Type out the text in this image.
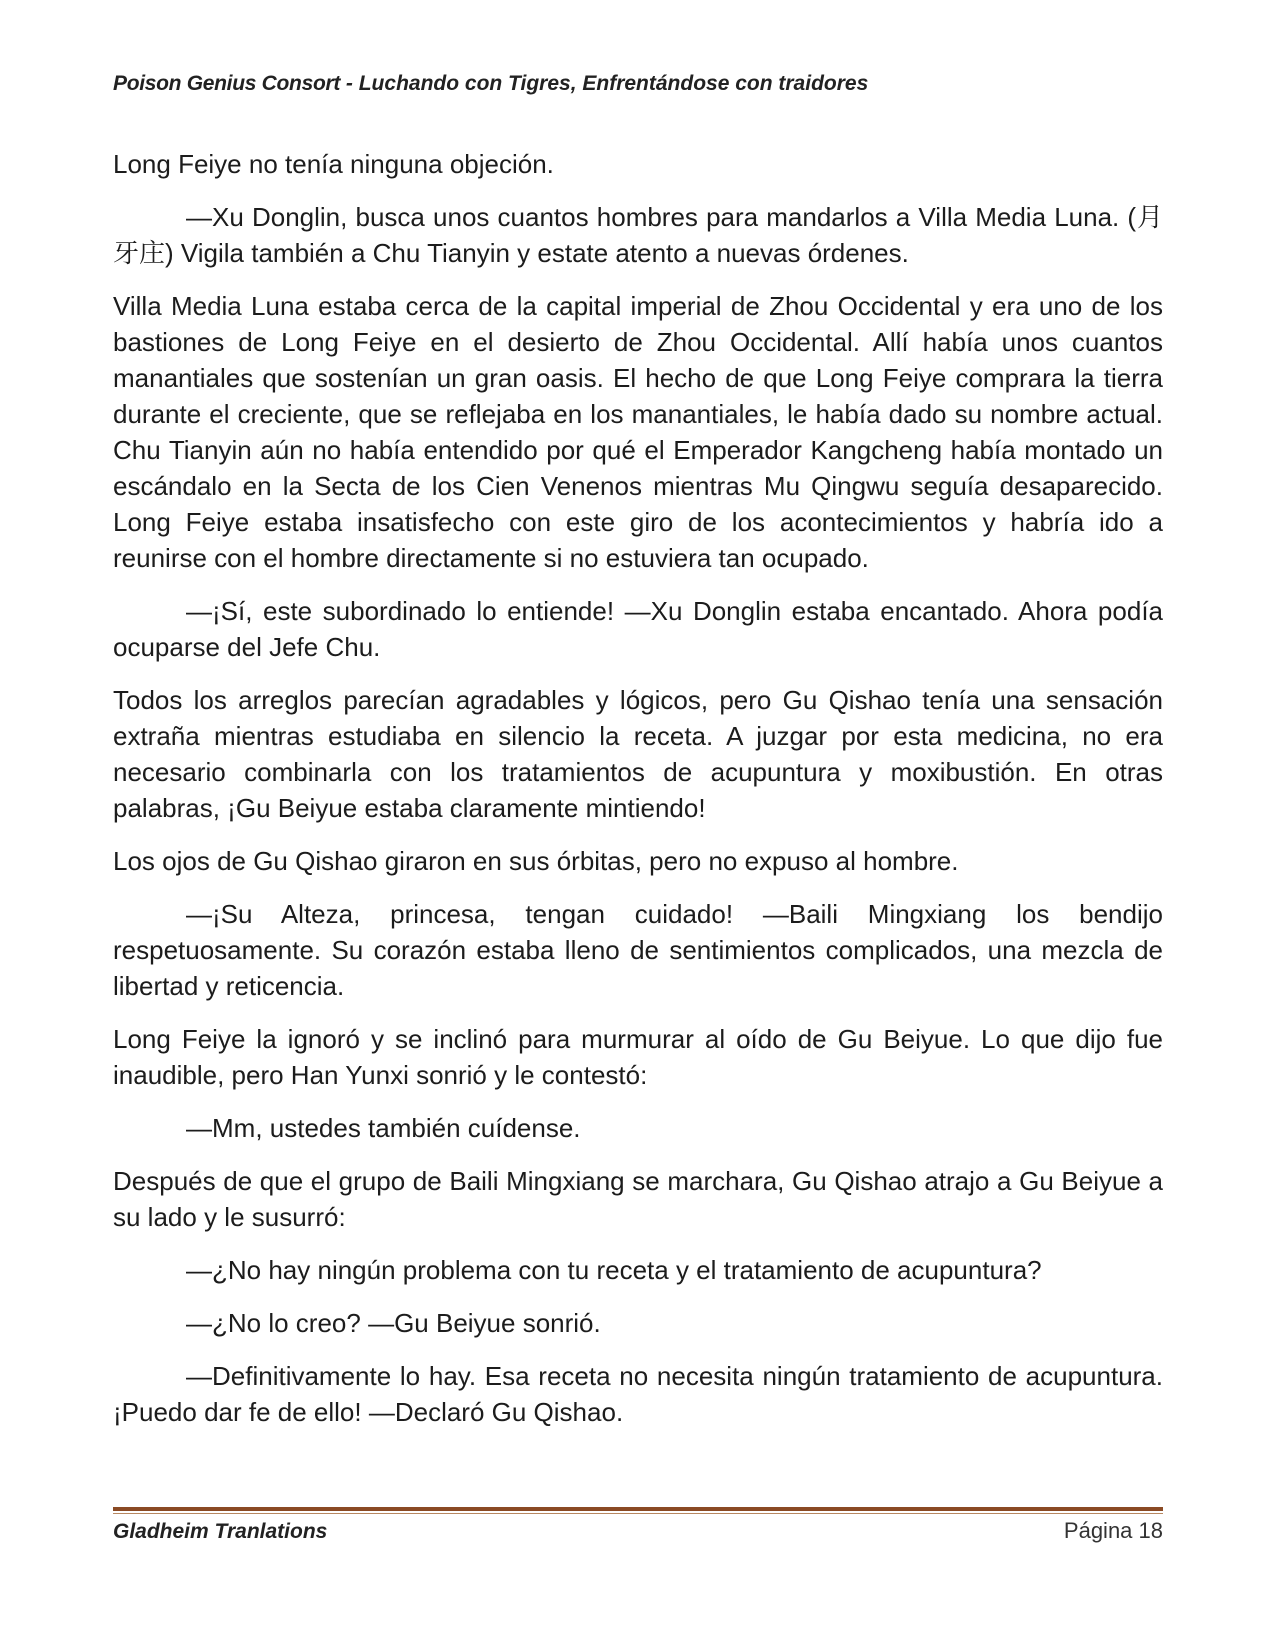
Poison Genius Consort - Luchando con Tigres, Enfrentándose con traidores

Long Feiye no tenía ninguna objeción.

—Xu Donglin, busca unos cuantos hombres para mandarlos a Villa Media Luna. (月牙庄) Vigila también a Chu Tianyin y estate atento a nuevas órdenes.

Villa Media Luna estaba cerca de la capital imperial de Zhou Occidental y era uno de los bastiones de Long Feiye en el desierto de Zhou Occidental. Allí había unos cuantos manantiales que sostenían un gran oasis. El hecho de que Long Feiye comprara la tierra durante el creciente, que se reflejaba en los manantiales, le había dado su nombre actual. Chu Tianyin aún no había entendido por qué el Emperador Kangcheng había montado un escándalo en la Secta de los Cien Venenos mientras Mu Qingwu seguía desaparecido. Long Feiye estaba insatisfecho con este giro de los acontecimientos y habría ido a reunirse con el hombre directamente si no estuviera tan ocupado.

—¡Sí, este subordinado lo entiende! —Xu Donglin estaba encantado. Ahora podía ocuparse del Jefe Chu.

Todos los arreglos parecían agradables y lógicos, pero Gu Qishao tenía una sensación extraña mientras estudiaba en silencio la receta. A juzgar por esta medicina, no era necesario combinarla con los tratamientos de acupuntura y moxibustión. En otras palabras, ¡Gu Beiyue estaba claramente mintiendo!

Los ojos de Gu Qishao giraron en sus órbitas, pero no expuso al hombre.

—¡Su Alteza, princesa, tengan cuidado! —Baili Mingxiang los bendijo respetuosamente. Su corazón estaba lleno de sentimientos complicados, una mezcla de libertad y reticencia.

Long Feiye la ignoró y se inclinó para murmurar al oído de Gu Beiyue. Lo que dijo fue inaudible, pero Han Yunxi sonrió y le contestó:

—Mm, ustedes también cuídense.

Después de que el grupo de Baili Mingxiang se marchara, Gu Qishao atrajo a Gu Beiyue a su lado y le susurró:

—¿No hay ningún problema con tu receta y el tratamiento de acupuntura?

—¿No lo creo? —Gu Beiyue sonrió.

—Definitivamente lo hay. Esa receta no necesita ningún tratamiento de acupuntura. ¡Puedo dar fe de ello! —Declaró Gu Qishao.

Gladheim Tranlations	Página 18
